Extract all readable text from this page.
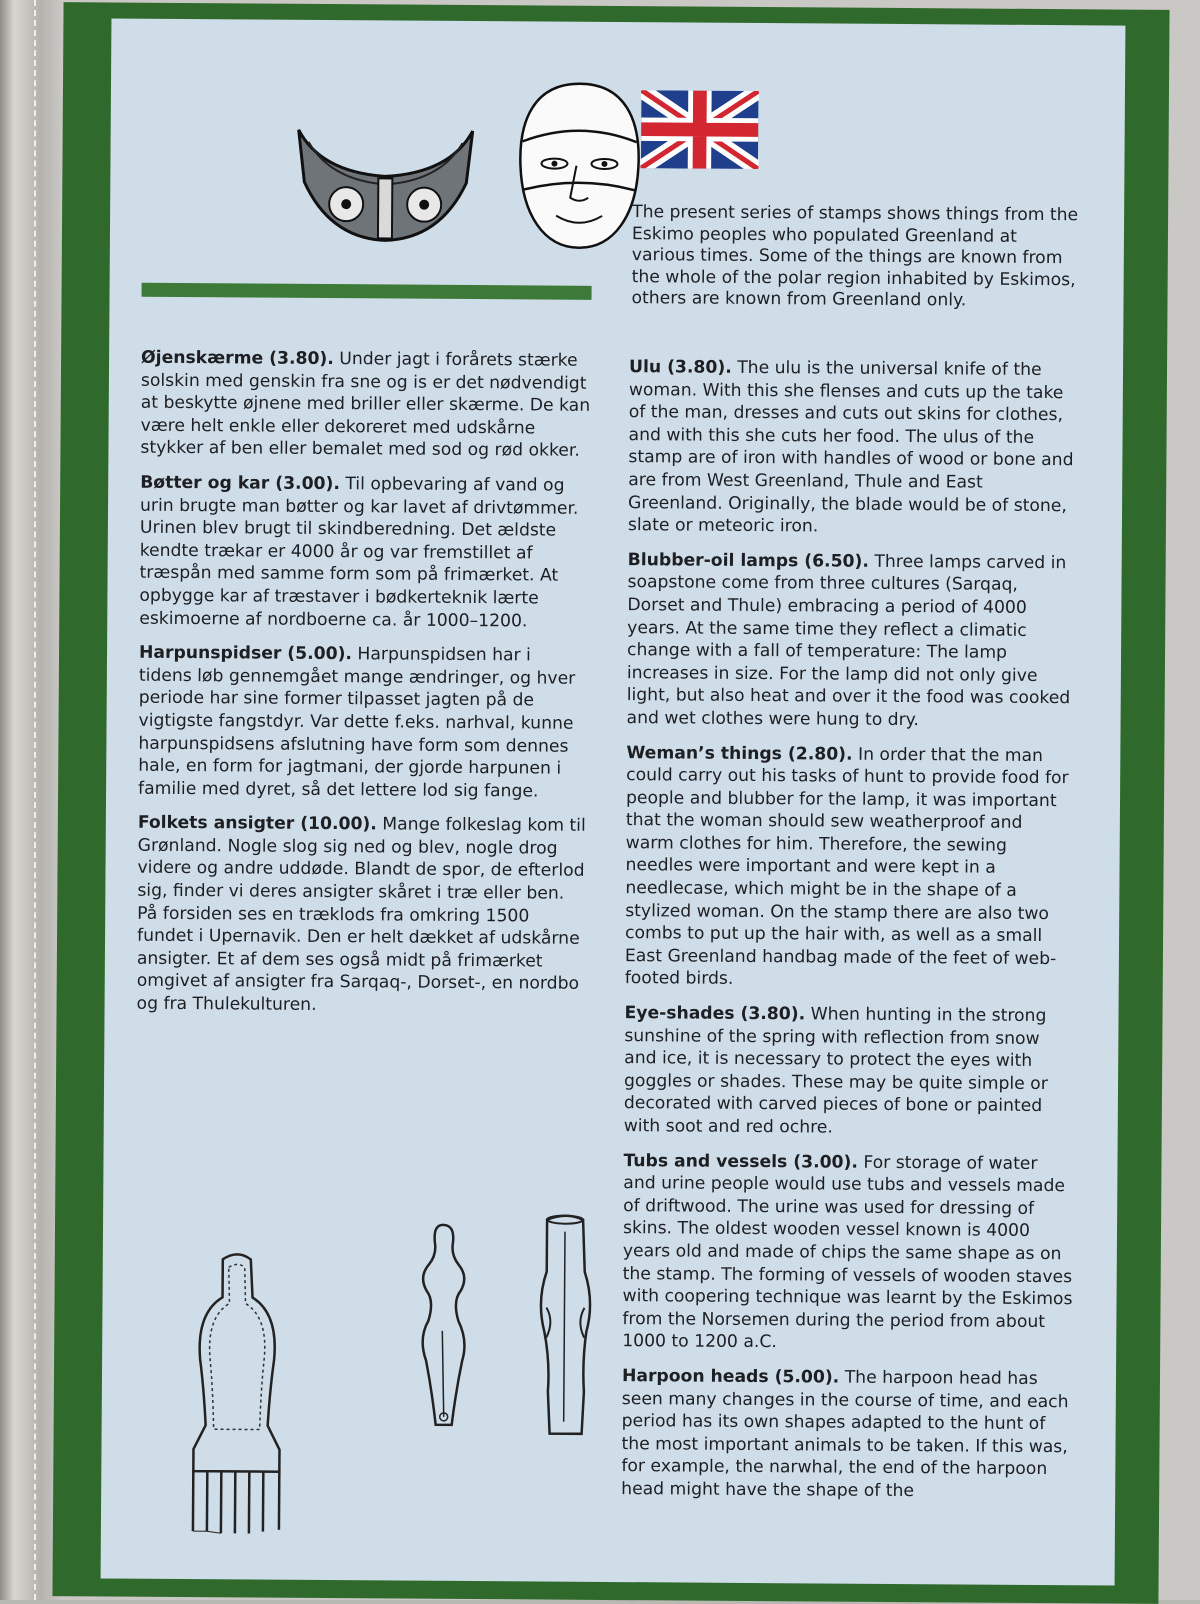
The present series of stamps shows things from the Eskimo peoples who populated Greenland at various times. Some of the things are known from the whole of the polar region inhabited by Eskimos, others are known from Greenland only.

Øjenskærme (3.80). Under jagt i forårets stærke solskin med genskin fra sne og is er det nødvendigt at beskytte øjnene med briller eller skærme. De kan være helt enkle eller dekoreret med udskårne stykker af ben eller bemalet med sod og rød okker.

Bøtter og kar (3.00). Til opbevaring af vand og urin brugte man bøtter og kar lavet af drivtømmer. Urinen blev brugt til skindberedning. Det ældste kendte trækar er 4000 år og var fremstillet af træspån med samme form som på frimærket. At opbygge kar af træstaver i bødkerteknik lærte eskimoerne af nordboerne ca. år 1000–1200.

Harpunspidser (5.00). Harpunspidsen har i tidens løb gennemgået mange ændringer, og hver periode har sine former tilpasset jagten på de vigtigste fangstdyr. Var dette f.eks. narhval, kunne harpunspidsens afslutning have form som dennes hale, en form for jagtmani, der gjorde harpunen i familie med dyret, så det lettere lod sig fange.

Folkets ansigter (10.00). Mange folkeslag kom til Grønland. Nogle slog sig ned og blev, nogle drog videre og andre uddøde. Blandt de spor, de efterlod sig, finder vi deres ansigter skåret i træ eller ben. På forsiden ses en træklods fra omkring 1500 fundet i Upernavik. Den er helt dækket af udskårne ansigter. Et af dem ses også midt på frimærket omgivet af ansigter fra Sarqaq-, Dorset-, en nordbo og fra Thulekulturen.

Ulu (3.80). The ulu is the universal knife of the woman. With this she flenses and cuts up the take of the man, dresses and cuts out skins for clothes, and with this she cuts her food. The ulus of the stamp are of iron with handles of wood or bone and are from West Greenland, Thule and East Greenland. Originally, the blade would be of stone, slate or meteoric iron.

Blubber-oil lamps (6.50). Three lamps carved in soapstone come from three cultures (Sarqaq, Dorset and Thule) embracing a period of 4000 years. At the same time they reflect a climatic change with a fall of temperature: The lamp increases in size. For the lamp did not only give light, but also heat and over it the food was cooked and wet clothes were hung to dry.

Weman’s things (2.80). In order that the man could carry out his tasks of hunt to provide food for people and blubber for the lamp, it was important that the woman should sew weatherproof and warm clothes for him. Therefore, the sewing needles were important and were kept in a needlecase, which might be in the shape of a stylized woman. On the stamp there are also two combs to put up the hair with, as well as a small East Greenland handbag made of the feet of web-footed birds.

Eye-shades (3.80). When hunting in the strong sunshine of the spring with reflection from snow and ice, it is necessary to protect the eyes with goggles or shades. These may be quite simple or decorated with carved pieces of bone or painted with soot and red ochre.

Tubs and vessels (3.00). For storage of water and urine people would use tubs and vessels made of driftwood. The urine was used for dressing of skins. The oldest wooden vessel known is 4000 years old and made of chips the same shape as on the stamp. The forming of vessels of wooden staves with coopering technique was learnt by the Eskimos from the Norsemen during the period from about 1000 to 1200 a.C.

Harpoon heads (5.00). The harpoon head has seen many changes in the course of time, and each period has its own shapes adapted to the hunt of the most important animals to be taken. If this was, for example, the narwhal, the end of the harpoon head might have the shape of the
